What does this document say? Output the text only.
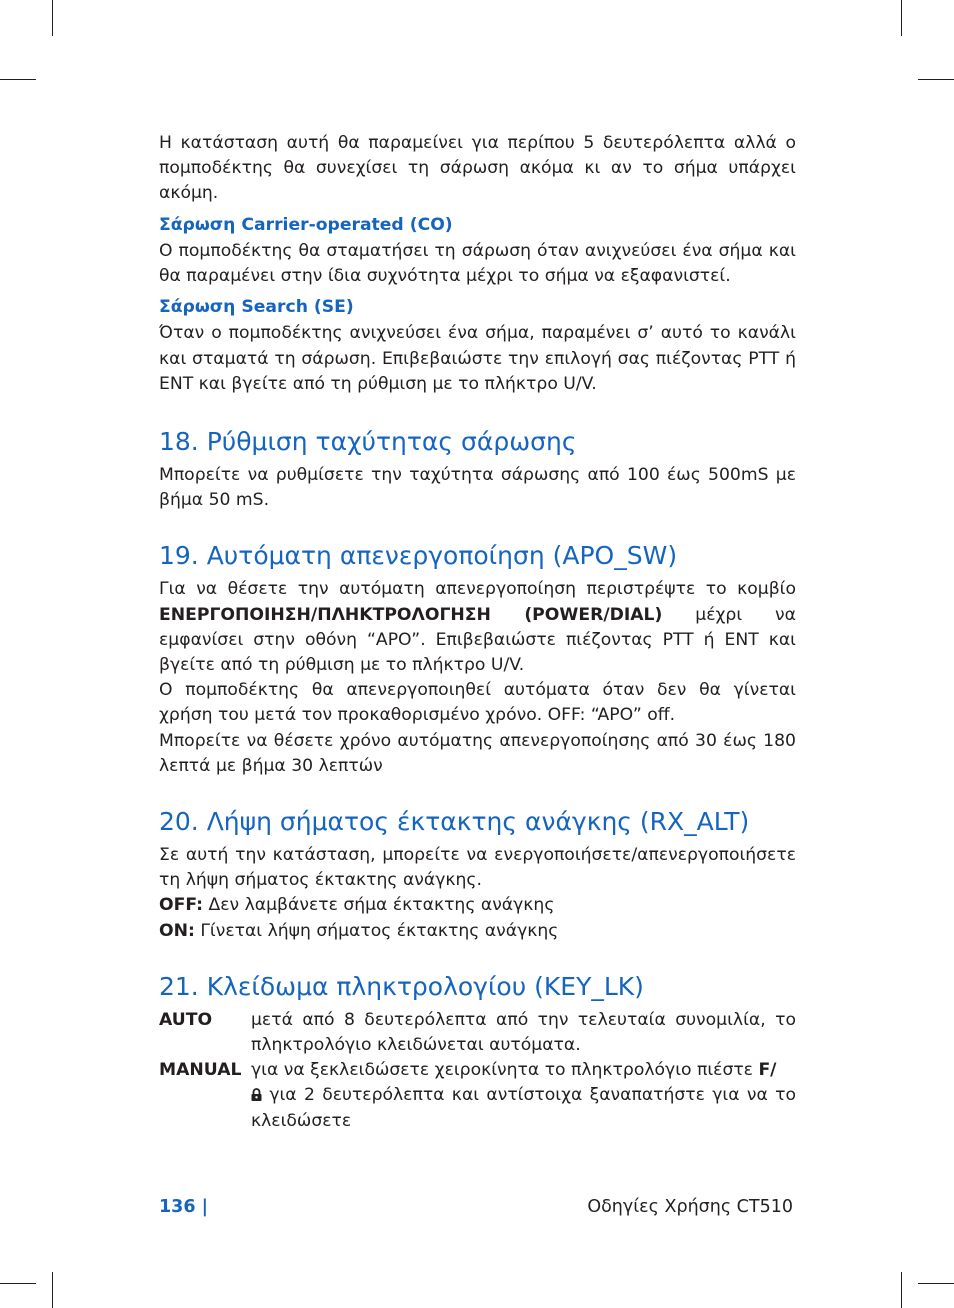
Η κατάσταση αυτή θα παραμείνει για περίπου 5 δευτερόλεπτα αλλά ο πομποδέκτης θα συνεχίσει τη σάρωση ακόμα κι αν το σήμα υπάρχει ακόμη.

Σάρωση Carrier-operated (CO)

Ο πομποδέκτης θα σταματήσει τη σάρωση όταν ανιχνεύσει ένα σήμα και θα παραμένει στην ίδια συχνότητα μέχρι το σήμα να εξαφανιστεί.

Σάρωση Search (SE)

Όταν ο πομποδέκτης ανιχνεύσει ένα σήμα, παραμένει σ’ αυτό το κανάλι και σταματά τη σάρωση. Επιβεβαιώστε την επιλογή σας πιέζοντας PTT ή ENT και βγείτε από τη ρύθμιση με το πλήκτρο U/V.

18. Ρύθμιση ταχύτητας σάρωσης

Μπορείτε να ρυθμίσετε την ταχύτητα σάρωσης από 100 έως 500mS με βήμα 50 mS.

19. Αυτόματη απενεργοποίηση (APO_SW)

Για να θέσετε την αυτόματη απενεργοποίηση περιστρέψτε το κομβίο ΕΝΕΡΓΟΠΟΙΗΣΗ/ΠΛΗΚΤΡΟΛΟΓΗΣΗ (POWER/DIAL) μέχρι να εμφανίσει στην οθόνη “APO”. Επιβεβαιώστε πιέζοντας PTT ή ENT και βγείτε από τη ρύθμιση με το πλήκτρο U/V.

Ο πομποδέκτης θα απενεργοποιηθεί αυτόματα όταν δεν θα γίνεται χρήση του μετά τον προκαθορισμένο χρόνο. OFF: “APO” off.

Μπορείτε να θέσετε χρόνο αυτόματης απενεργοποίησης από 30 έως 180 λεπτά με βήμα 30 λεπτών

20. Λήψη σήματος έκτακτης ανάγκης (RX_ALT)

Σε αυτή την κατάσταση, μπορείτε να ενεργοποιήσετε/απενεργοποιήσετε τη λήψη σήματος έκτακτης ανάγκης.

OFF: Δεν λαμβάνετε σήμα έκτακτης ανάγκης

ON: Γίνεται λήψη σήματος έκτακτης ανάγκης

21. Κλείδωμα πληκτρολογίου (KEY_LK)
AUTO	μετά από 8 δευτερόλεπτα από την τελευταία συνομιλία, το πληκτρολόγιο κλειδώνεται αυτόματα.
MANUAL για να ξεκλειδώσετε χειροκίνητα το πληκτρολόγιο πιέστε F/
για 2 δευτερόλεπτα και αντίστοιχα ξαναπατήστε για να το κλειδώσετε
136 |	Οδηγίες Χρήσης CT510
